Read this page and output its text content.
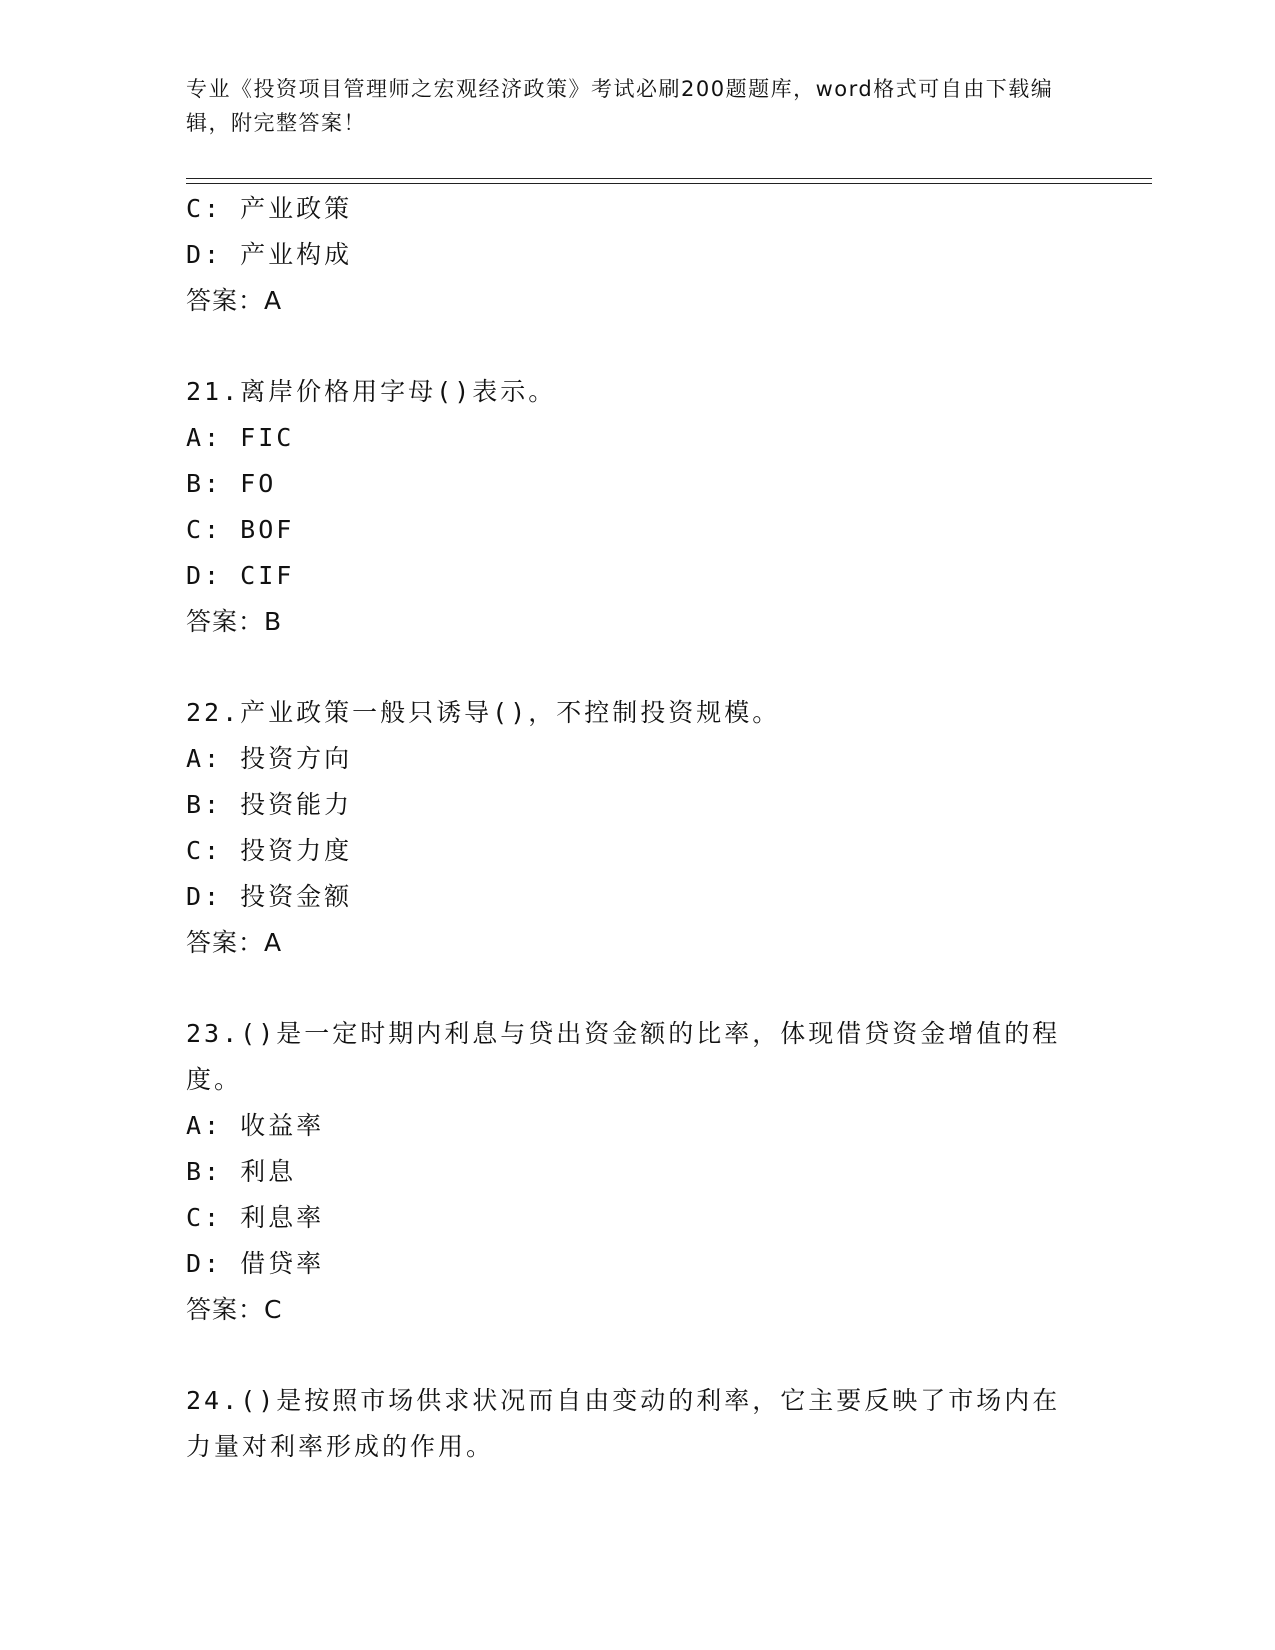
专业《投资项目管理师之宏观经济政策》考试必刷200题题库，word格式可自由下载编辑，附完整答案！
C: 产业政策
D: 产业构成
答案：A
21.离岸价格用字母()表示。
A: FIC
B: FO
C: BOF
D: CIF
答案：B
22.产业政策一般只诱导()，不控制投资规模。
A: 投资方向
B: 投资能力
C: 投资力度
D: 投资金额
答案：A
23.()是一定时期内利息与贷出资金额的比率，体现借贷资金增值的程度。
A: 收益率
B: 利息
C: 利息率
D: 借贷率
答案：C
24.()是按照市场供求状况而自由变动的利率，它主要反映了市场内在力量对利率形成的作用。
